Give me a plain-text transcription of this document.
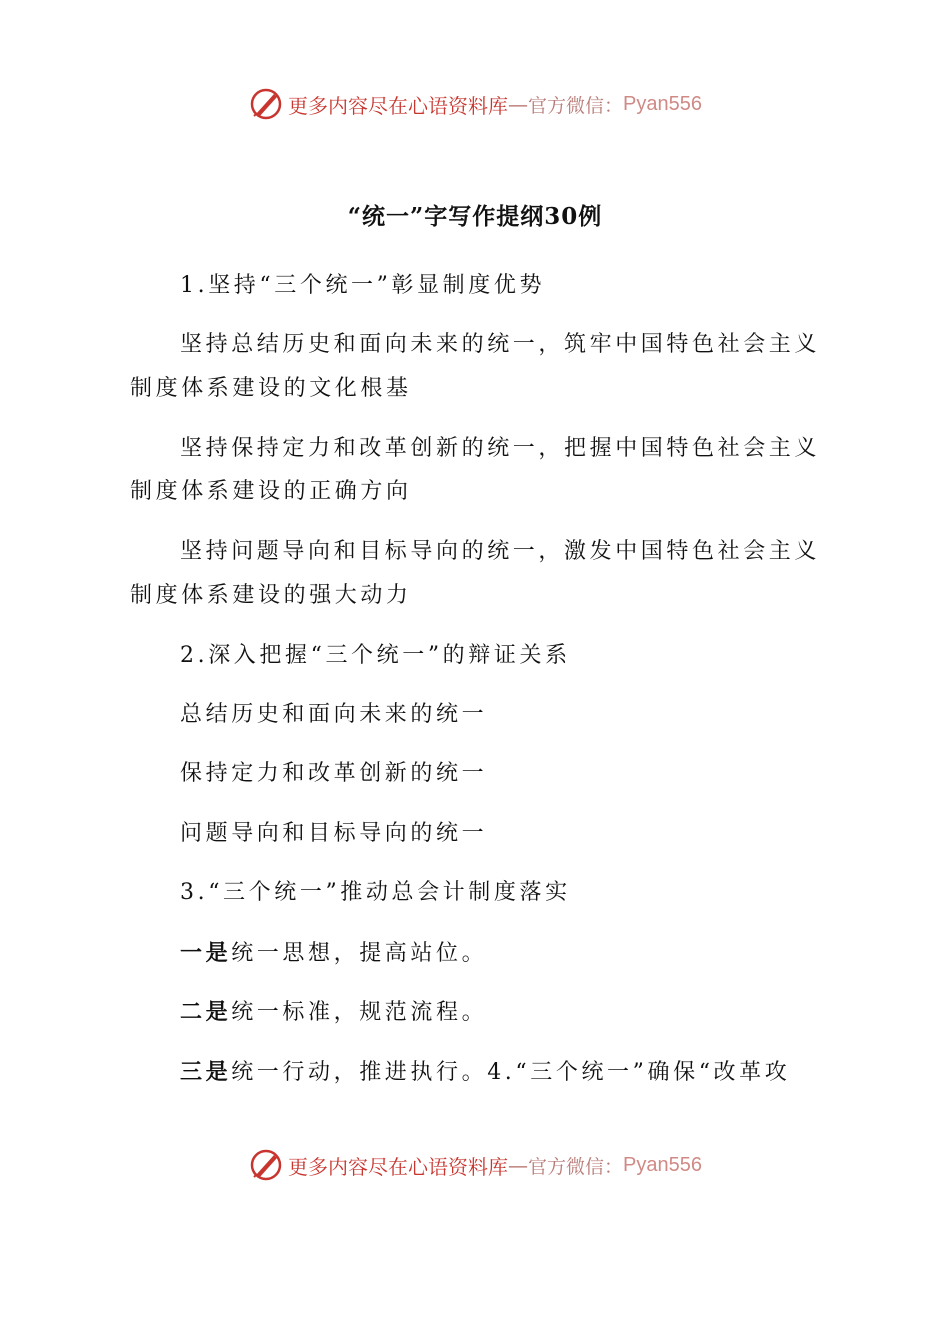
更多内容尽在心语资料库 — 官方微信： Pyan556
“统一”字写作提纲30例
1.坚持“三个统一”彰显制度优势
坚持总结历史和面向未来的统一，筑牢中国特色社会主义
制度体系建设的文化根基
坚持保持定力和改革创新的统一，把握中国特色社会主义
制度体系建设的正确方向
坚持问题导向和目标导向的统一，激发中国特色社会主义
制度体系建设的强大动力
2.深入把握“三个统一”的辩证关系
总结历史和面向未来的统一
保持定力和改革创新的统一
问题导向和目标导向的统一
3.“三个统一”推动总会计制度落实
一是统一思想，提高站位。
二是统一标准，规范流程。
三是统一行动，推进执行。4.“三个统一”确保“改革攻
更多内容尽在心语资料库 — 官方微信： Pyan556
